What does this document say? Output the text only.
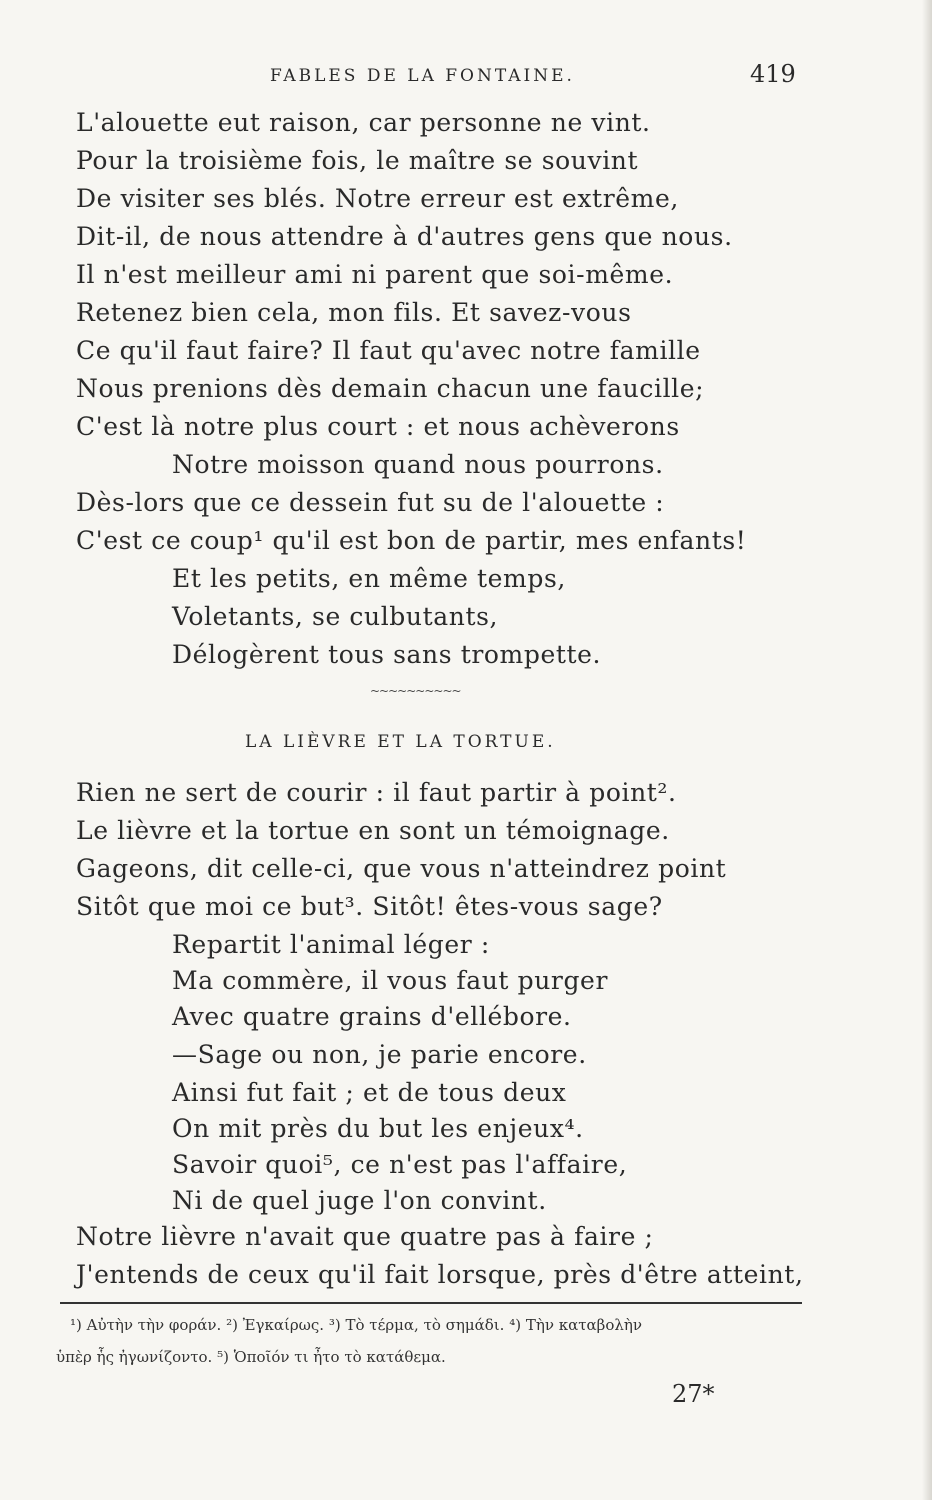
FABLES DE LA FONTAINE.	419
L'alouette eut raison, car personne ne vint.
Pour la troisième fois, le maître se souvint
De visiter ses blés. Notre erreur est extrême,
Dit-il, de nous attendre à d'autres gens que nous.
Il n'est meilleur ami ni parent que soi-même.
Retenez bien cela, mon fils. Et savez-vous
Ce qu'il faut faire? Il faut qu'avec notre famille
Nous prenions dès demain chacun une faucille;
C'est là notre plus court : et nous achèverons
Notre moisson quand nous pourrons.
Dès-lors que ce dessein fut su de l'alouette :
C'est ce coup¹ qu'il est bon de partir, mes enfants!
Et les petits, en même temps,
Voletants, se culbutants,
Délogèrent tous sans trompette.
~~~~~~~~~~
LA LIÈVRE ET LA TORTUE.
Rien ne sert de courir : il faut partir à point².
Le lièvre et la tortue en sont un témoignage.
Gageons, dit celle-ci, que vous n'atteindrez point
Sitôt que moi ce but³. Sitôt! êtes-vous sage?
Repartit l'animal léger :
Ma commère, il vous faut purger
Avec quatre grains d'ellébore.
—Sage ou non, je parie encore.
Ainsi fut fait ; et de tous deux
On mit près du but les enjeux⁴.
Savoir quoi⁵, ce n'est pas l'affaire,
Ni de quel juge l'on convint.
Notre lièvre n'avait que quatre pas à faire ;
J'entends de ceux qu'il fait lorsque, près d'être atteint,
¹) Αὐτὴν τὴν φοράν. ²) Ἐγκαίρως. ³) Τὸ τέρμα, τὸ σημάδι. ⁴) Τὴν καταβολὴν
ὑπὲρ ἧς ἠγωνίζοντο. ⁵) Ὁποῖόν τι ἦτο τὸ κατάθεμα.
27*
